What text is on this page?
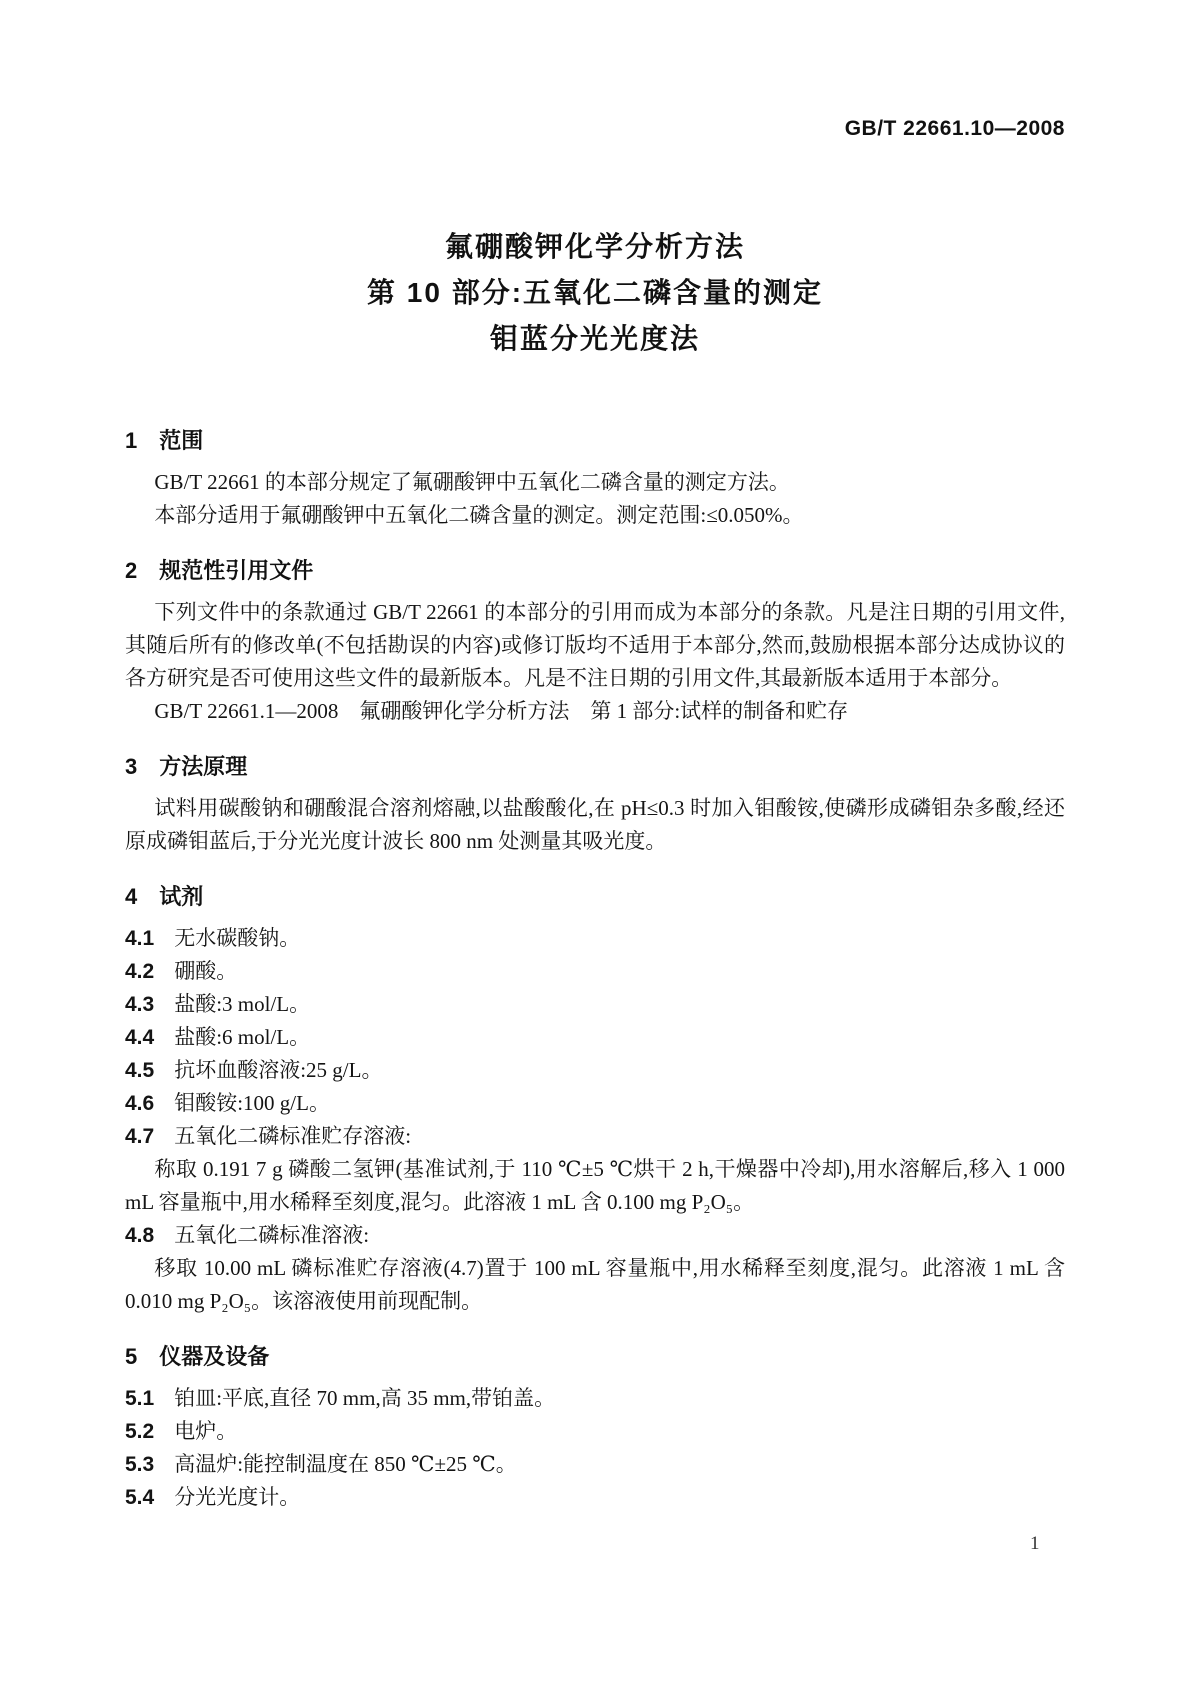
GB/T 22661.10—2008
氟硼酸钾化学分析方法
第 10 部分:五氧化二磷含量的测定
钼蓝分光光度法
1 范围

GB/T 22661 的本部分规定了氟硼酸钾中五氧化二磷含量的测定方法。

本部分适用于氟硼酸钾中五氧化二磷含量的测定。测定范围:≤0.050%。

2 规范性引用文件

下列文件中的条款通过 GB/T 22661 的本部分的引用而成为本部分的条款。凡是注日期的引用文件,其随后所有的修改单(不包括勘误的内容)或修订版均不适用于本部分,然而,鼓励根据本部分达成协议的各方研究是否可使用这些文件的最新版本。凡是不注日期的引用文件,其最新版本适用于本部分。

GB/T 22661.1—2008　氟硼酸钾化学分析方法　第 1 部分:试样的制备和贮存

3 方法原理

试料用碳酸钠和硼酸混合溶剂熔融,以盐酸酸化,在 pH≤0.3 时加入钼酸铵,使磷形成磷钼杂多酸,经还原成磷钼蓝后,于分光光度计波长 800 nm 处测量其吸光度。

4 试剂
4.1 无水碳酸钠。
4.2 硼酸。
4.3 盐酸:3 mol/L。
4.4 盐酸:6 mol/L。
4.5 抗坏血酸溶液:25 g/L。
4.6 钼酸铵:100 g/L。
4.7 五氧化二磷标准贮存溶液:

称取 0.191 7 g 磷酸二氢钾(基准试剂,于 110 ℃±5 ℃烘干 2 h,干燥器中冷却),用水溶解后,移入 1 000 mL 容量瓶中,用水稀释至刻度,混匀。此溶液 1 mL 含 0.100 mg P₂O₅。

4.8 五氧化二磷标准溶液:

移取 10.00 mL 磷标准贮存溶液(4.7)置于 100 mL 容量瓶中,用水稀释至刻度,混匀。此溶液 1 mL 含 0.010 mg P₂O₅。该溶液使用前现配制。

5 仪器及设备
5.1 铂皿:平底,直径 70 mm,高 35 mm,带铂盖。
5.2 电炉。
5.3 高温炉:能控制温度在 850 ℃±25 ℃。
5.4 分光光度计。
1
